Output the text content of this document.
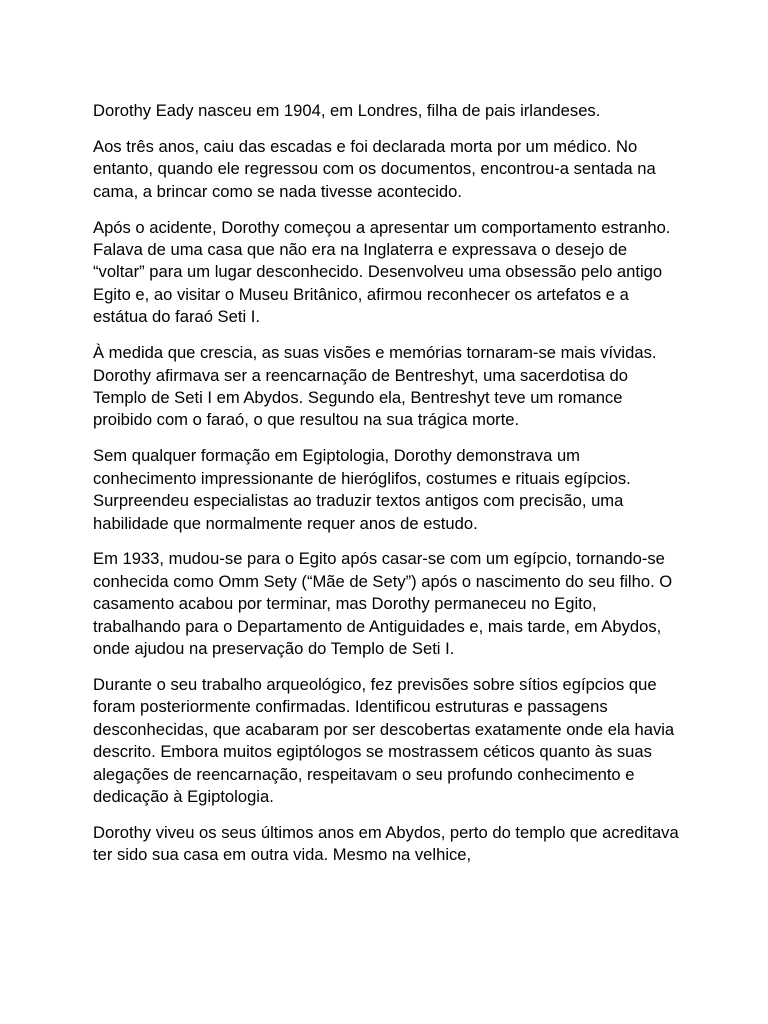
Dorothy Eady nasceu em 1904, em Londres, filha de pais irlandeses.

Aos três anos, caiu das escadas e foi declarada morta por um médico. No entanto, quando ele regressou com os documentos, encontrou-a sentada na cama, a brincar como se nada tivesse acontecido.

Após o acidente, Dorothy começou a apresentar um comportamento estranho. Falava de uma casa que não era na Inglaterra e expressava o desejo de “voltar” para um lugar desconhecido. Desenvolveu uma obsessão pelo antigo Egito e, ao visitar o Museu Britânico, afirmou reconhecer os artefatos e a estátua do faraó Seti I.

À medida que crescia, as suas visões e memórias tornaram-se mais vívidas. Dorothy afirmava ser a reencarnação de Bentreshyt, uma sacerdotisa do Templo de Seti I em Abydos. Segundo ela, Bentreshyt teve um romance proibido com o faraó, o que resultou na sua trágica morte.

Sem qualquer formação em Egiptologia, Dorothy demonstrava um conhecimento impressionante de hieróglifos, costumes e rituais egípcios. Surpreendeu especialistas ao traduzir textos antigos com precisão, uma habilidade que normalmente requer anos de estudo.

Em 1933, mudou-se para o Egito após casar-se com um egípcio, tornando-se conhecida como Omm Sety (“Mãe de Sety”) após o nascimento do seu filho. O casamento acabou por terminar, mas Dorothy permaneceu no Egito, trabalhando para o Departamento de Antiguidades e, mais tarde, em Abydos, onde ajudou na preservação do Templo de Seti I.

Durante o seu trabalho arqueológico, fez previsões sobre sítios egípcios que foram posteriormente confirmadas. Identificou estruturas e passagens desconhecidas, que acabaram por ser descobertas exatamente onde ela havia descrito. Embora muitos egiptólogos se mostrassem céticos quanto às suas alegações de reencarnação, respeitavam o seu profundo conhecimento e dedicação à Egiptologia.

Dorothy viveu os seus últimos anos em Abydos, perto do templo que acreditava ter sido sua casa em outra vida. Mesmo na velhice,
